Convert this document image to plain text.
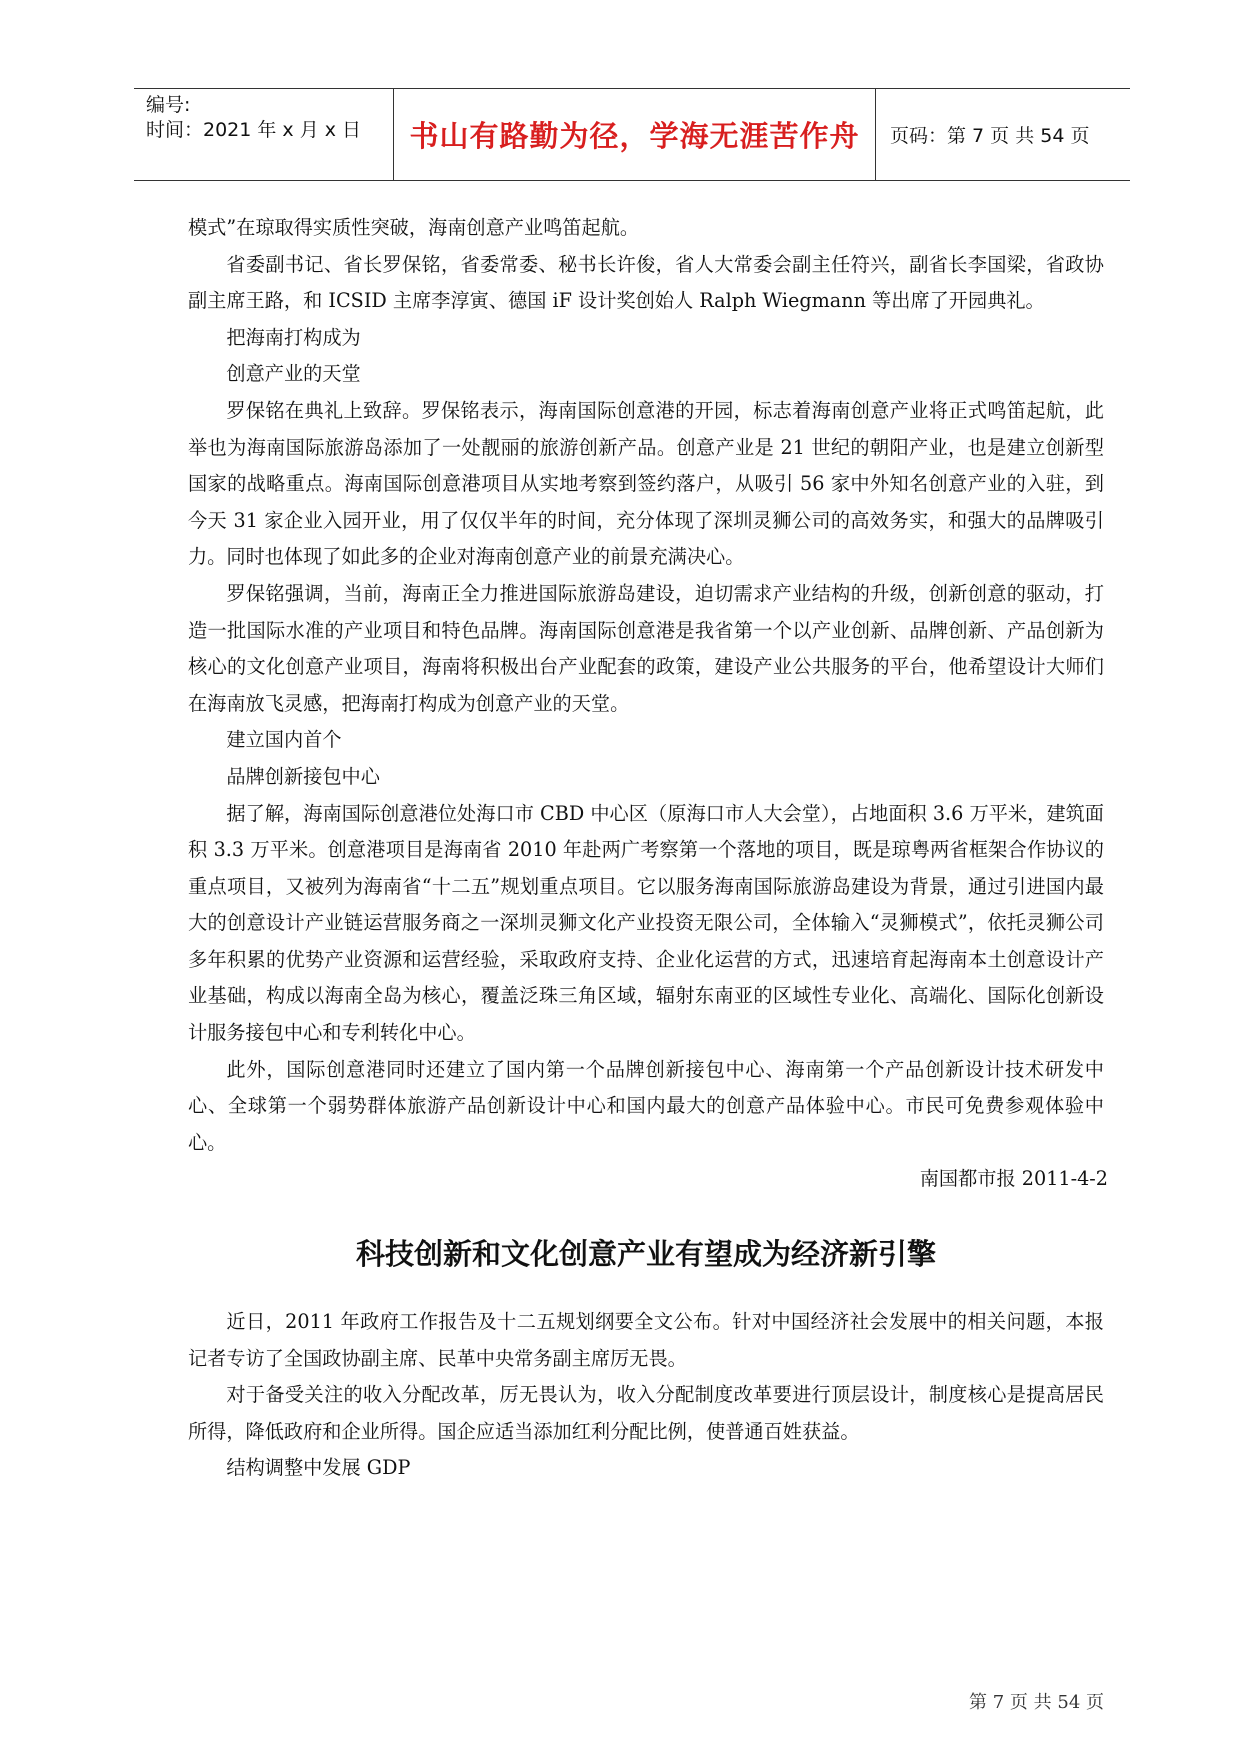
编号:
时间：2021 年 x 月 x 日	书山有路勤为径，学海无涯苦作舟	页码：第 7 页 共 54 页

模式”在琼取得实质性突破，海南创意产业鸣笛起航。

省委副书记、省长罗保铭，省委常委、秘书长许俊，省人大常委会副主任符兴，副省长李国梁，省政协副主席王路，和 ICSID 主席李淳寅、德国 iF 设计奖创始人 Ralph Wiegmann 等出席了开园典礼。

把海南打构成为

创意产业的天堂

罗保铭在典礼上致辞。罗保铭表示，海南国际创意港的开园，标志着海南创意产业将正式鸣笛起航，此举也为海南国际旅游岛添加了一处靓丽的旅游创新产品。创意产业是 21 世纪的朝阳产业，也是建立创新型国家的战略重点。海南国际创意港项目从实地考察到签约落户，从吸引 56 家中外知名创意产业的入驻，到今天 31 家企业入园开业，用了仅仅半年的时间，充分体现了深圳灵狮公司的高效务实，和强大的品牌吸引力。同时也体现了如此多的企业对海南创意产业的前景充满决心。

罗保铭强调，当前，海南正全力推进国际旅游岛建设，迫切需求产业结构的升级，创新创意的驱动，打造一批国际水准的产业项目和特色品牌。海南国际创意港是我省第一个以产业创新、品牌创新、产品创新为核心的文化创意产业项目，海南将积极出台产业配套的政策，建设产业公共服务的平台，他希望设计大师们在海南放飞灵感，把海南打构成为创意产业的天堂。

建立国内首个

品牌创新接包中心

据了解，海南国际创意港位处海口市 CBD 中心区（原海口市人大会堂），占地面积 3.6 万平米，建筑面积 3.3 万平米。创意港项目是海南省 2010 年赴两广考察第一个落地的项目，既是琼粤两省框架合作协议的重点项目，又被列为海南省“十二五”规划重点项目。它以服务海南国际旅游岛建设为背景，通过引进国内最大的创意设计产业链运营服务商之一深圳灵狮文化产业投资无限公司，全体输入“灵狮模式”，依托灵狮公司多年积累的优势产业资源和运营经验，采取政府支持、企业化运营的方式，迅速培育起海南本土创意设计产业基础，构成以海南全岛为核心，覆盖泛珠三角区域，辐射东南亚的区域性专业化、高端化、国际化创新设计服务接包中心和专利转化中心。

此外，国际创意港同时还建立了国内第一个品牌创新接包中心、海南第一个产品创新设计技术研发中心、全球第一个弱势群体旅游产品创新设计中心和国内最大的创意产品体验中心。市民可免费参观体验中心。

南国都市报 2011-4-2

科技创新和文化创意产业有望成为经济新引擎

近日，2011 年政府工作报告及十二五规划纲要全文公布。针对中国经济社会发展中的相关问题，本报记者专访了全国政协副主席、民革中央常务副主席厉无畏。

对于备受关注的收入分配改革，厉无畏认为，收入分配制度改革要进行顶层设计，制度核心是提高居民所得，降低政府和企业所得。国企应适当添加红利分配比例，使普通百姓获益。

结构调整中发展 GDP

第 7 页 共 54 页
